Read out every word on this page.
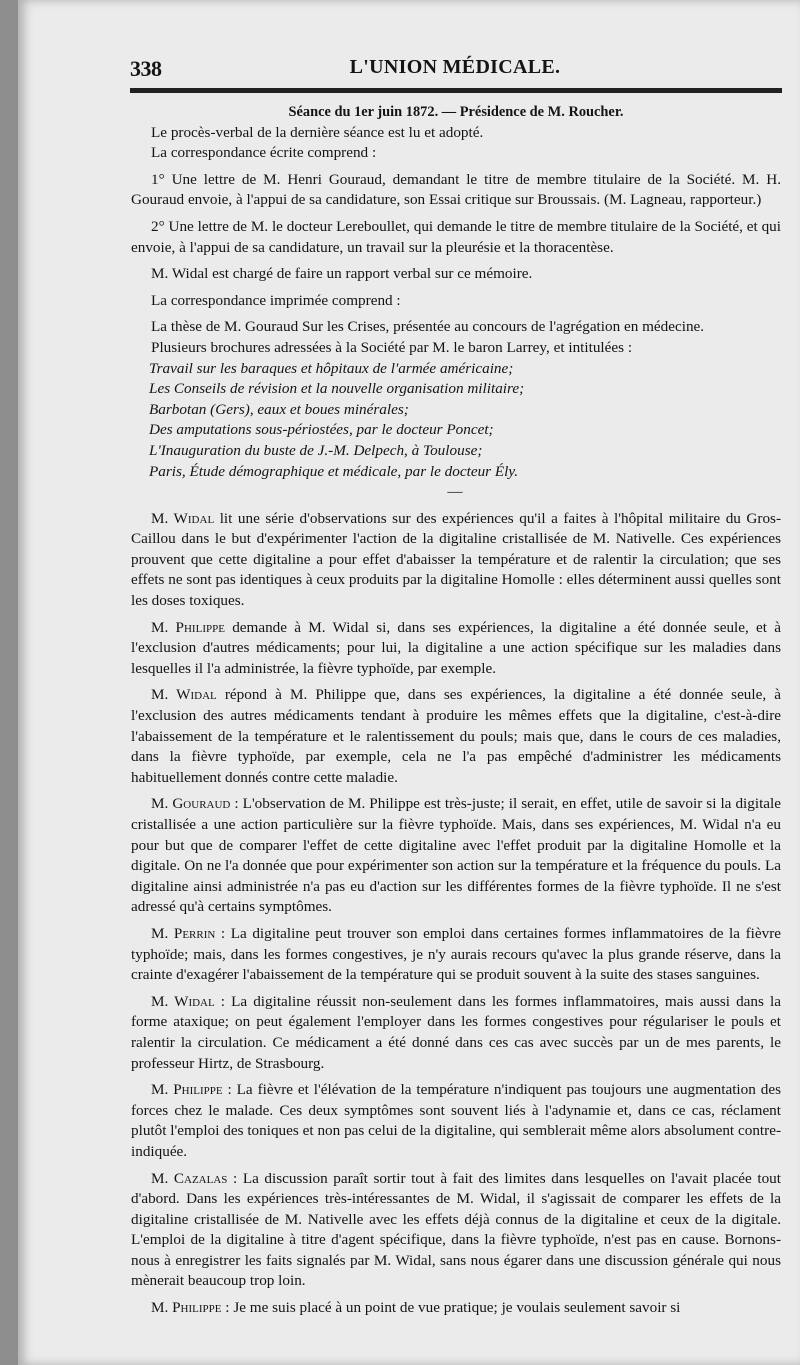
338	L'UNION MÉDICALE.

Séance du 1er juin 1872. — Présidence de M. Roucher.

Le procès-verbal de la dernière séance est lu et adopté.

La correspondance écrite comprend :

1° Une lettre de M. Henri Gouraud, demandant le titre de membre titulaire de la Société. M. H. Gouraud envoie, à l'appui de sa candidature, son Essai critique sur Broussais. (M. Lagneau, rapporteur.)

2° Une lettre de M. le docteur Lereboullet, qui demande le titre de membre titulaire de la Société, et qui envoie, à l'appui de sa candidature, un travail sur la pleurésie et la thoracentèse.

M. Widal est chargé de faire un rapport verbal sur ce mémoire.

La correspondance imprimée comprend :

La thèse de M. Gouraud Sur les Crises, présentée au concours de l'agrégation en médecine.

Plusieurs brochures adressées à la Société par M. le baron Larrey, et intitulées :

Travail sur les baraques et hôpitaux de l'armée américaine;

Les Conseils de révision et la nouvelle organisation militaire;

Barbotan (Gers), eaux et boues minérales;

Des amputations sous-périostées, par le docteur Poncet;

L'Inauguration du buste de J.-M. Delpech, à Toulouse;

Paris, Étude démographique et médicale, par le docteur Ély.

—

M. Widal lit une série d'observations sur des expériences qu'il a faites à l'hôpital militaire du Gros-Caillou dans le but d'expérimenter l'action de la digitaline cristallisée de M. Nativelle. Ces expériences prouvent que cette digitaline a pour effet d'abaisser la température et de ralentir la circulation; que ses effets ne sont pas identiques à ceux produits par la digitaline Homolle : elles déterminent aussi quelles sont les doses toxiques.

M. Philippe demande à M. Widal si, dans ses expériences, la digitaline a été donnée seule, et à l'exclusion d'autres médicaments; pour lui, la digitaline a une action spécifique sur les maladies dans lesquelles il l'a administrée, la fièvre typhoïde, par exemple.

M. Widal répond à M. Philippe que, dans ses expériences, la digitaline a été donnée seule, à l'exclusion des autres médicaments tendant à produire les mêmes effets que la digitaline, c'est-à-dire l'abaissement de la température et le ralentissement du pouls; mais que, dans le cours de ces maladies, dans la fièvre typhoïde, par exemple, cela ne l'a pas empêché d'administrer les médicaments habituellement donnés contre cette maladie.

M. Gouraud : L'observation de M. Philippe est très-juste; il serait, en effet, utile de savoir si la digitale cristallisée a une action particulière sur la fièvre typhoïde. Mais, dans ses expériences, M. Widal n'a eu pour but que de comparer l'effet de cette digitaline avec l'effet produit par la digitaline Homolle et la digitale. On ne l'a donnée que pour expérimenter son action sur la température et la fréquence du pouls. La digitaline ainsi administrée n'a pas eu d'action sur les différentes formes de la fièvre typhoïde. Il ne s'est adressé qu'à certains symptômes.

M. Perrin : La digitaline peut trouver son emploi dans certaines formes inflammatoires de la fièvre typhoïde; mais, dans les formes congestives, je n'y aurais recours qu'avec la plus grande réserve, dans la crainte d'exagérer l'abaissement de la température qui se produit souvent à la suite des stases sanguines.

M. Widal : La digitaline réussit non-seulement dans les formes inflammatoires, mais aussi dans la forme ataxique; on peut également l'employer dans les formes congestives pour régulariser le pouls et ralentir la circulation. Ce médicament a été donné dans ces cas avec succès par un de mes parents, le professeur Hirtz, de Strasbourg.

M. Philippe : La fièvre et l'élévation de la température n'indiquent pas toujours une augmentation des forces chez le malade. Ces deux symptômes sont souvent liés à l'adynamie et, dans ce cas, réclament plutôt l'emploi des toniques et non pas celui de la digitaline, qui semblerait même alors absolument contre-indiquée.

M. Cazalas : La discussion paraît sortir tout à fait des limites dans lesquelles on l'avait placée tout d'abord. Dans les expériences très-intéressantes de M. Widal, il s'agissait de comparer les effets de la digitaline cristallisée de M. Nativelle avec les effets déjà connus de la digitaline et ceux de la digitale. L'emploi de la digitaline à titre d'agent spécifique, dans la fièvre typhoïde, n'est pas en cause. Bornons-nous à enregistrer les faits signalés par M. Widal, sans nous égarer dans une discussion générale qui nous mènerait beaucoup trop loin.

M. Philippe : Je me suis placé à un point de vue pratique; je voulais seulement savoir si
